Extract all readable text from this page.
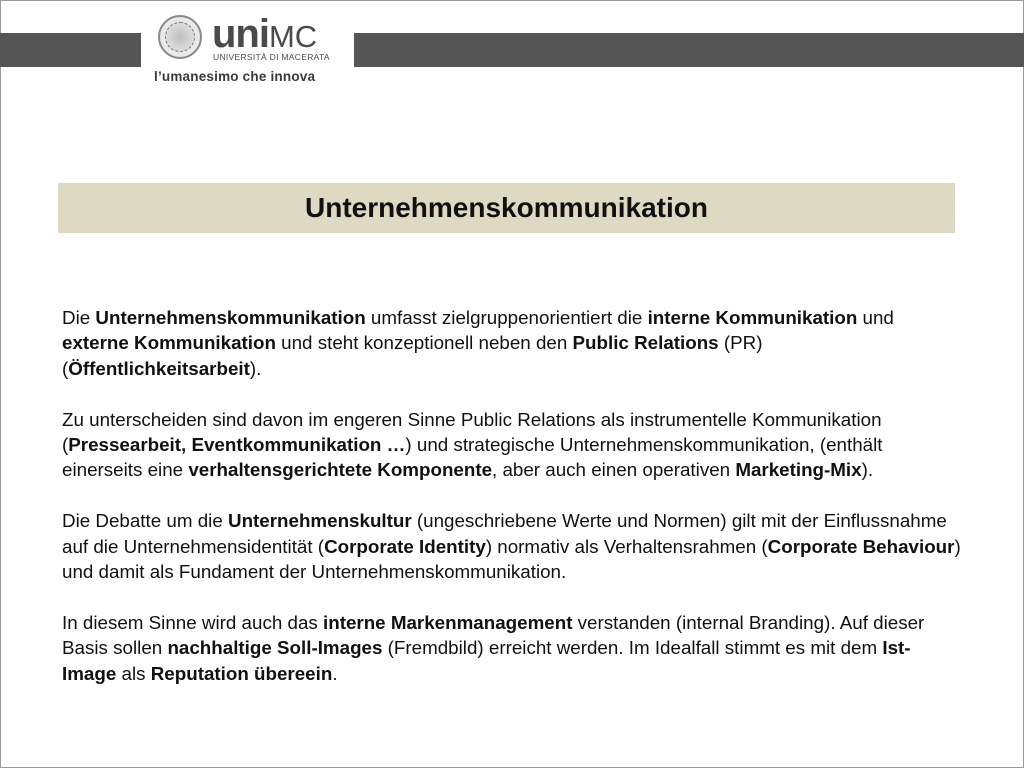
uniMC
UNIVERSITÀ DI MACERATA
l’umanesimo che innova
Unternehmenskommunikation

Die Unternehmenskommunikation umfasst zielgruppenorientiert die interne Kommunikation und externe Kommunikation und steht konzeptionell neben den Public Relations (PR) (Öffentlichkeitsarbeit).

Zu unterscheiden sind davon im engeren Sinne Public Relations als instrumentelle Kommunikation (Pressearbeit, Eventkommunikation …) und strategische Unternehmenskommunikation, (enthält einerseits eine verhaltensgerichtete Komponente, aber auch einen operativen Marketing-Mix).

Die Debatte um die Unternehmenskultur (ungeschriebene Werte und Normen) gilt mit der Einflussnahme auf die Unternehmensidentität (Corporate Identity) normativ als Verhaltensrahmen (Corporate Behaviour) und damit als Fundament der Unternehmenskommunikation.

In diesem Sinne wird auch das interne Markenmanagement verstanden (internal Branding). Auf dieser Basis sollen nachhaltige Soll-Images (Fremdbild) erreicht werden. Im Idealfall stimmt es mit dem Ist-Image als Reputation übereein.
